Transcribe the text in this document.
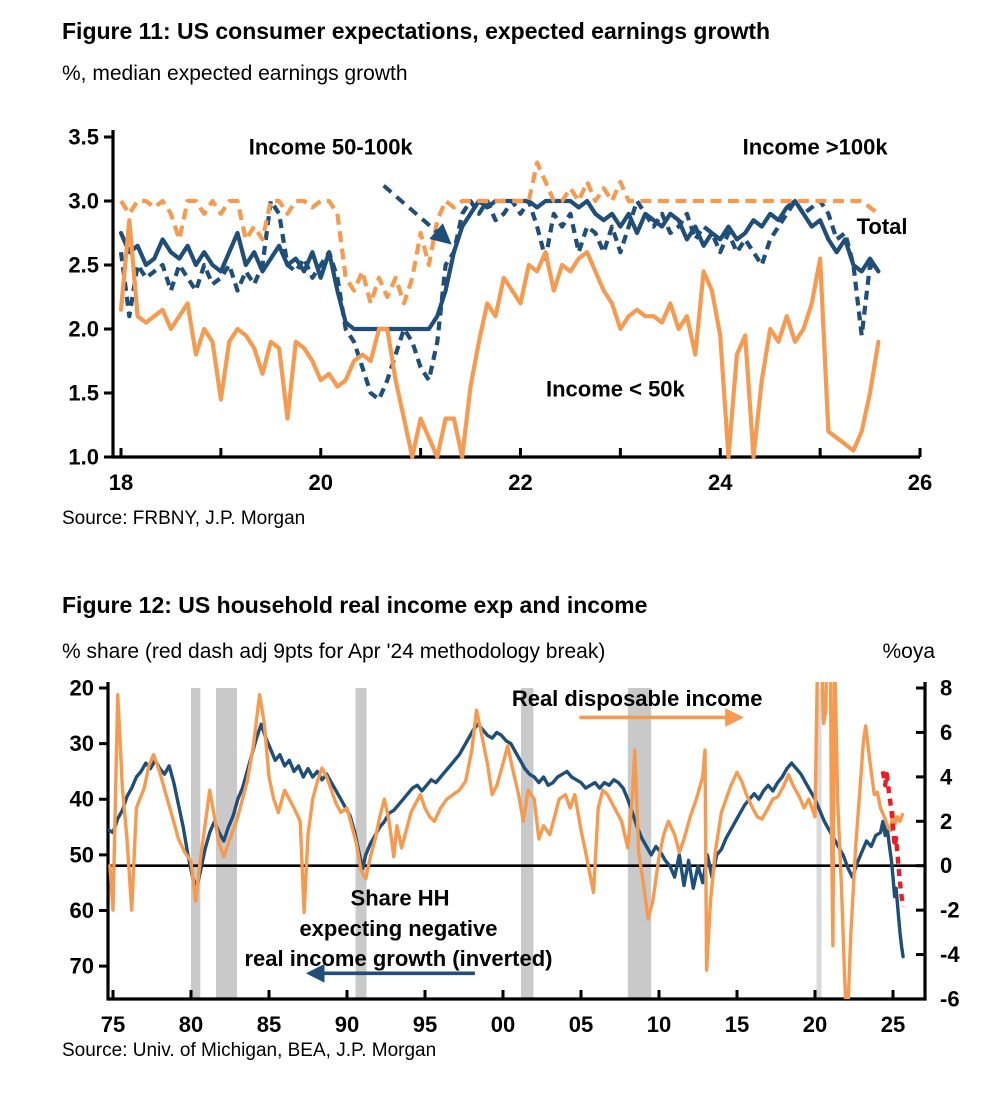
Figure 11: US consumer expectations, expected earnings growth
%, median expected earnings growth
1.0
1.5
2.0
2.5
3.0
3.5
18	20	22	24	26
Income 50-100k	Income >100k
Total
Income < 50k
20
30
40
50
60
70
8
6
4
2
0
-2
-4
-6
75 80 85 90 95 00 05 10 15 20 25
Real disposable income
Share HH
expecting negative
real income growth (inverted)
Source: FRBNY, J.P. Morgan
Figure 12: US household real income exp and income
% share (red dash adj 9pts for Apr '24 methodology break)	%oya
Source: Univ. of Michigan, BEA, J.P. Morgan
